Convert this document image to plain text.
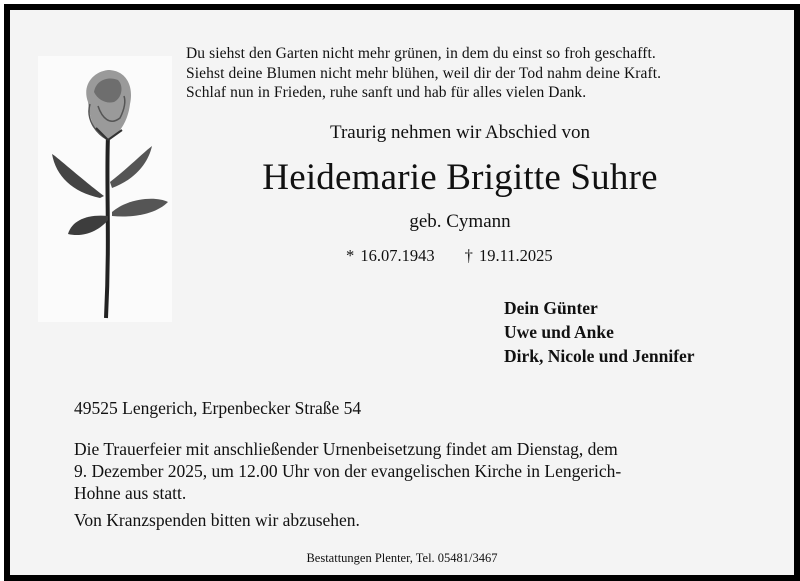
Du siehst den Garten nicht mehr grünen, in dem du einst so froh geschafft.
Siehst deine Blumen nicht mehr blühen, weil dir der Tod nahm deine Kraft.
Schlaf nun in Frieden, ruhe sanft und hab für alles vielen Dank.
Traurig nehmen wir Abschied von
Heidemarie Brigitte Suhre
geb. Cymann
* 16.07.1943 † 19.11.2025
Dein Günter
Uwe und Anke
Dirk, Nicole und Jennifer
49525 Lengerich, Erpenbecker Straße 54
Die Trauerfeier mit anschließender Urnenbeisetzung findet am Dienstag, dem
9. Dezember 2025, um 12.00 Uhr von der evangelischen Kirche in Lengerich-
Hohne aus statt.
Von Kranzspenden bitten wir abzusehen.
Bestattungen Plenter, Tel. 05481/3467
